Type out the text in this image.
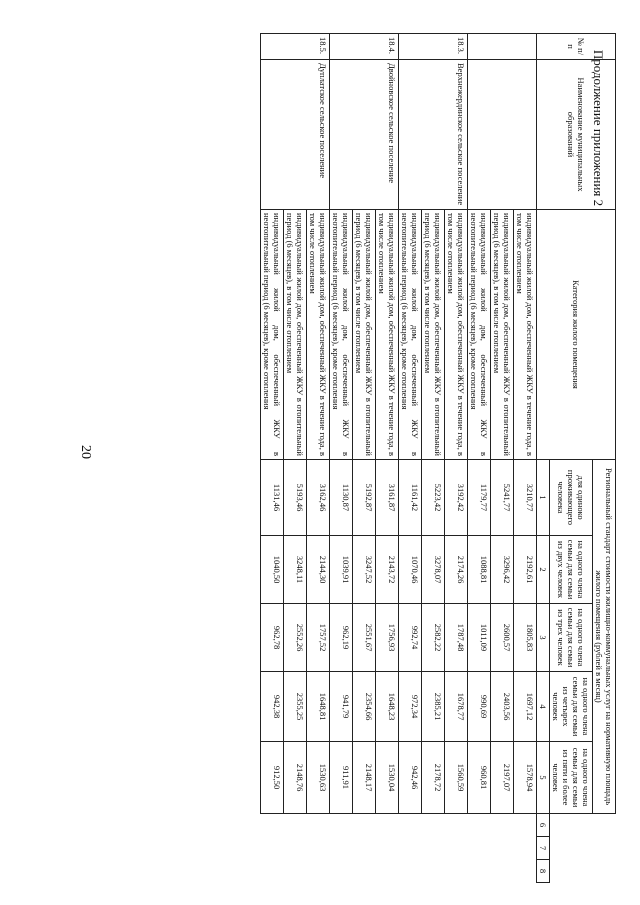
20
Продолжение приложения 2
№ п/п	Наименование муниципальных образований	Категория жилого помещения	Региональный стандарт стоимости жилищно-коммунальных услуг на нормативную площадь жилого помещения (рублей в месяц)							
			для одиноко проживающего человека	на одного члена семьи для семьи из двух человек	на одного члена семьи для семьи из трех человек	на одного члена семьи для семьи из четырех человек	на одного члена семьи для семьи из пяти и более человек			
			1	2	3	4	5	6	7	8
		индивидуальный жилой дом, обеспеченный ЖКУ в течение года, в том числе отоплением	3210,77	2192,61	1805,83	1697,12	1578,94			
		индивидуальный жилой дом, обеспеченный ЖКУ в отопительный период (6 месяцев), в том числе отоплением	5241,77	3296,42	2600,57	2403,56	2197,07			
		индивидуальный жилой дом, обеспеченный ЖКУ в неотопительный период (6 месяцев), кроме отопления	1179,77	1088,81	1011,09	990,69	960,81			
18.3.	Верхнежердинское сельское поселение	индивидуальный жилой дом, обеспеченный ЖКУ в течение года, в том числе отоплением	3192,42	2174,26	1787,48	1678,77	1560,59			
		индивидуальный жилой дом, обеспеченный ЖКУ в отопительный период (6 месяцев), в том числе отоплением	5223,42	3278,07	2582,22	2385,21	2178,72			
		индивидуальный жилой дом, обеспеченный ЖКУ в неотопительный период (6 месяцев), кроме отопления	1161,42	1070,46	992,74	972,34	942,46			
18.4.	Двойновское сельское поселение	индивидуальный жилой дом, обеспеченный ЖКУ в течение года, в том числе отоплением	3161,87	2143,72	1756,93	1648,23	1530,04			
		индивидуальный жилой дом, обеспеченный ЖКУ в отопительный период (6 месяцев), в том числе отоплением	5192,87	3247,52	2551,67	2354,66	2148,17			
		индивидуальный жилой дом, обеспеченный ЖКУ в неотопительный период (6 месяцев), кроме отопления	1130,87	1039,91	962,19	941,79	911,91			
18.5.	Дуплатское сельское поселение	индивидуальный жилой дом, обеспеченный ЖКУ в течение года, в том числе отоплением	3162,46	2144,30	1757,52	1648,81	1530,63			
		индивидуальный жилой дом, обеспеченный ЖКУ в отопительный период (6 месяцев), в том числе отоплением	5193,46	3248,11	2552,26	2355,25	2148,76			
		индивидуальный жилой дом, обеспеченный ЖКУ в неотопительный период (6 месяцев), кроме отопления	1131,46	1040,50	962,78	942,38	912,50			
